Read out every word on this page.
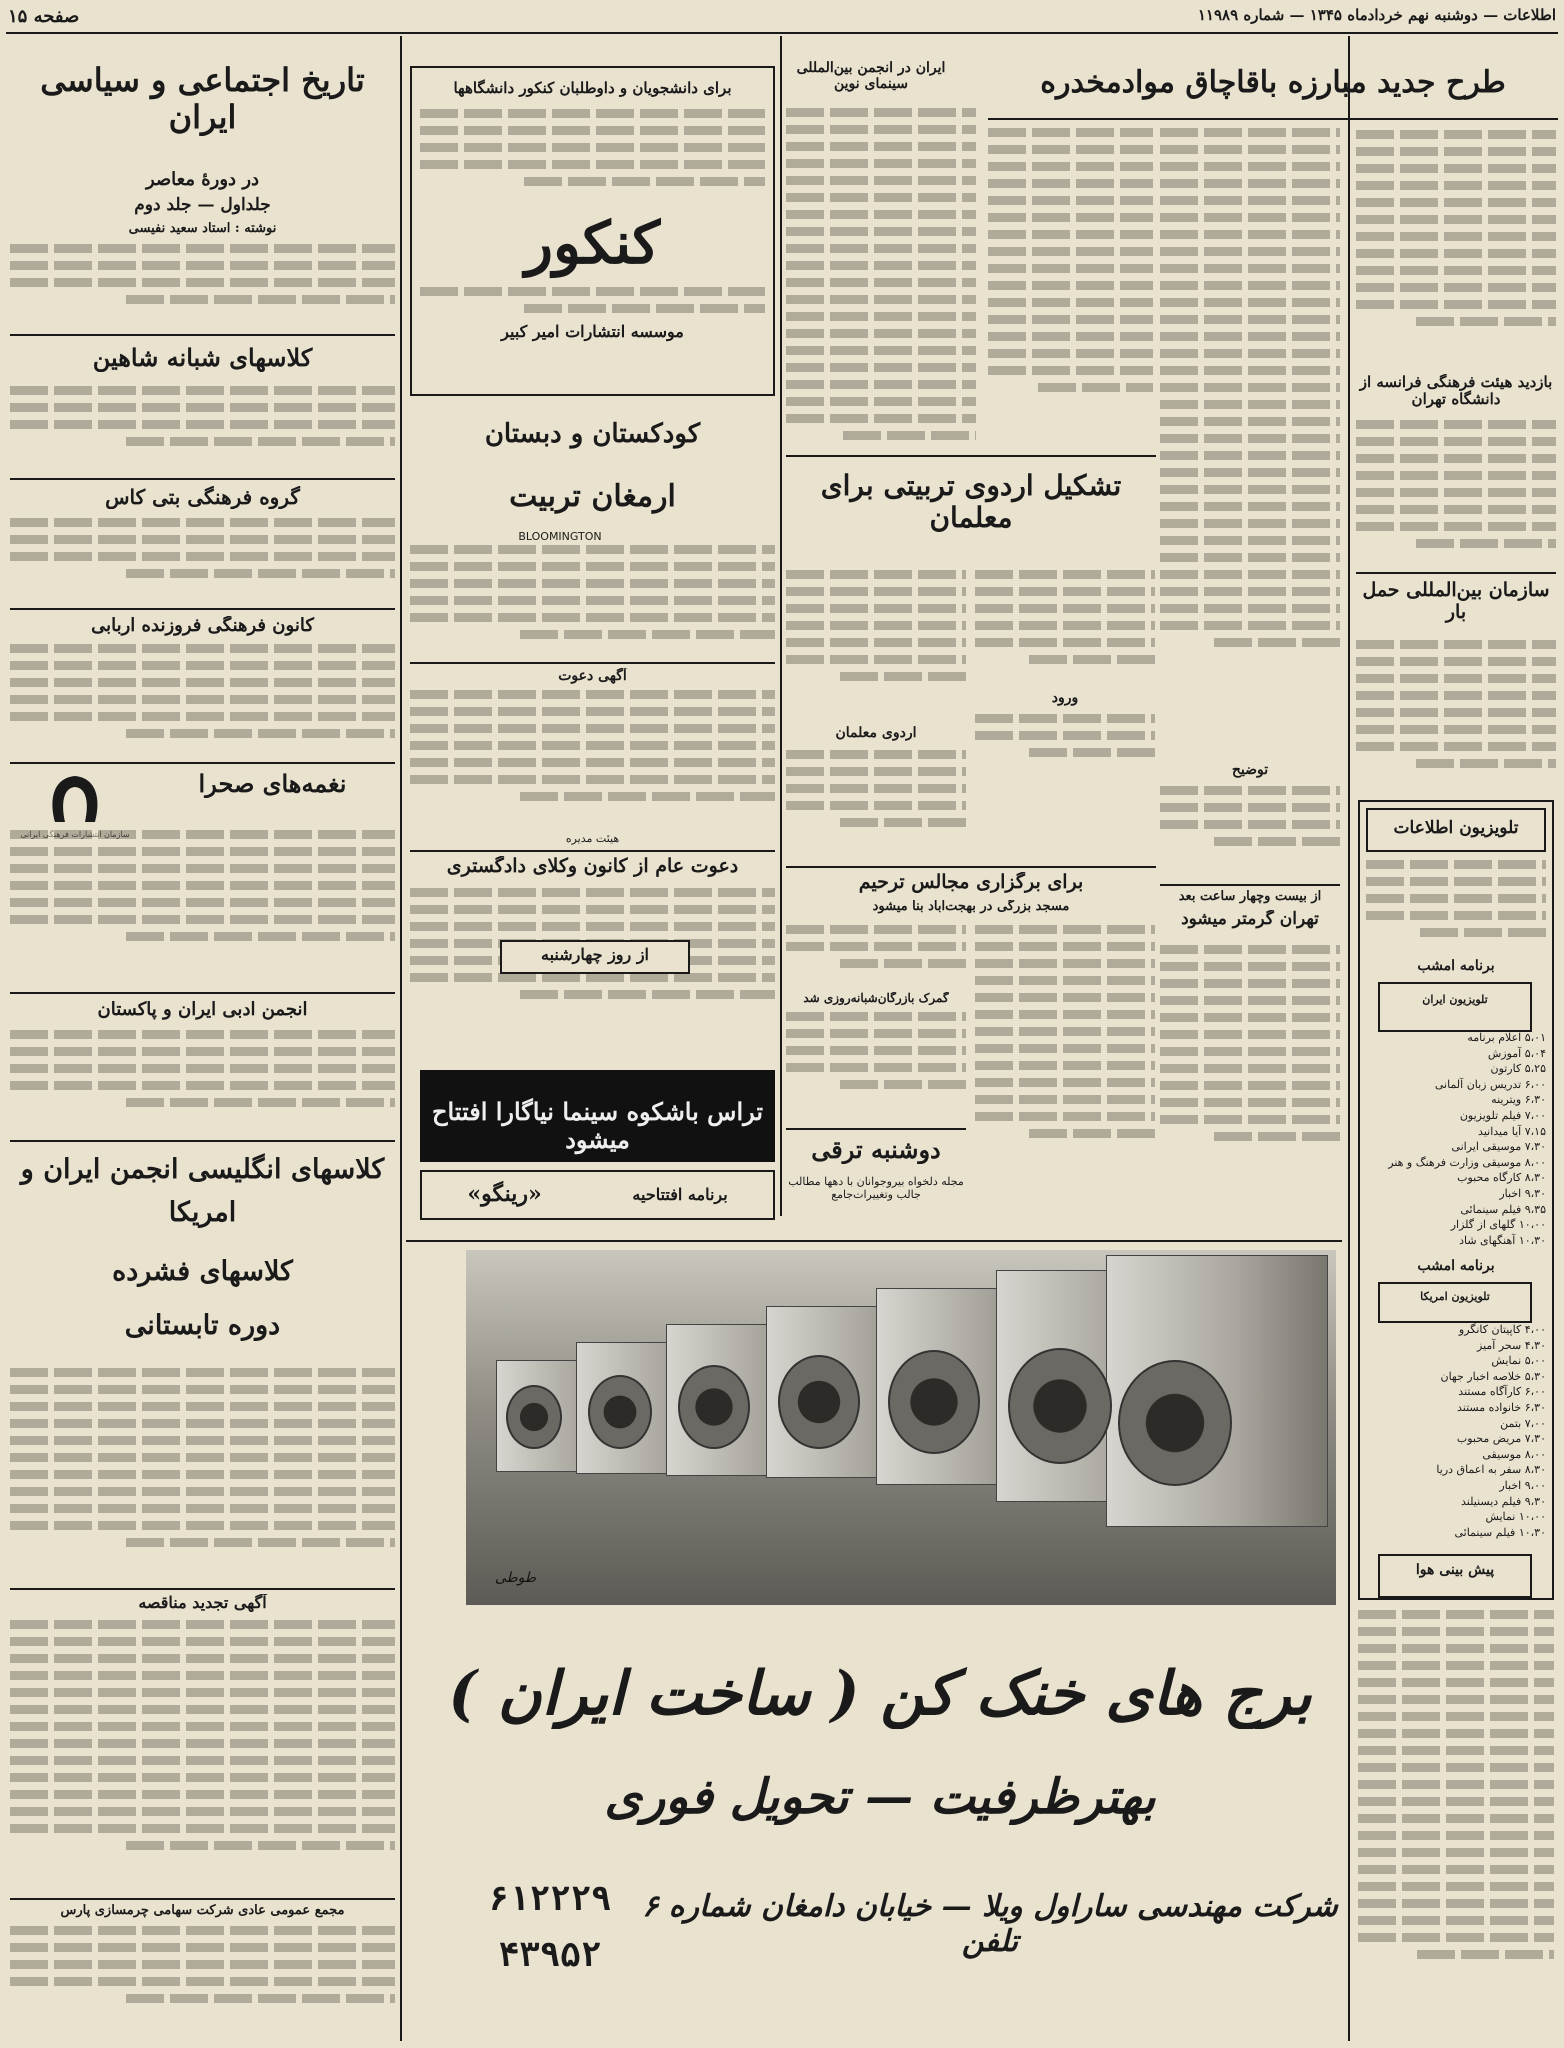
اطلاعات — دوشنبه نهم خردادماه ۱۳۴۵ — شماره ۱۱۹۸۹
صفحه ۱۵
طرح جدید مبارزه باقاچاق موادمخدره
بازدید هیئت فرهنگی فرانسه از دانشگاه تهران
سازمان بین‌المللی حمل بار
ایران در انجمن بین‌المللی سینمای نوین
تشکیل اردوی تربیتی برای معلمان
اردوی معلمان
ورود
توضیح
از بیست وچهار ساعت بعد
تهران گرمتر میشود
برای برگزاری مجالس ترحیم
مسجد بزرگی در بهجت‌آباد بنا میشود
گمرک بازرگان‌شبانه‌روزی شد
دوشنبه ترقی
مجله دلخواه بیروجوانان با دهها مطالب جالب وتغییرات‌جامع
برای دانشجویان و داوطلبان کنکور دانشگاهها
کنکور
موسسه انتشارات امیر کبیر
کودکستان و دبستان
ارمغان تربیت
BLOOMINGTON
آگهی دعوت
هیئت مدیره
دعوت عام از کانون وکلای دادگستری
از روز چهارشنبه
تراس باشکوه سینما نیاگارا افتتاح میشود
برنامه افتتاحیه
«رینگو»
تاریخ اجتماعی و سیاسی ایران
در دورهٔ معاصر
جلداول — جلد دوم
نوشته : استاد سعید نفیسی
کلاسهای شبانه شاهین
گروه فرهنگی بتی کاس
کانون فرهنگی فروزنده اربابی
نغمه‌های صحرا
سازمان انتشارات فرهنگی ایرانی
انجمن ادبی ایران و پاکستان
کلاسهای انگلیسی انجمن ایران و امریکا
کلاسهای فشرده
دوره تابستانی
آگهی تجدید مناقصه
مجمع عمومی عادی شرکت سهامی چرمسازی پارس
تلویزیون اطلاعات
برنامه امشب
تلویزیون ایران
۵،۰۱ اعلام برنامه
۵،۰۴ آموزش
۵،۲۵ کارتون
۶،۰۰ تدریس زبان آلمانی
۶،۳۰ ویترینه
۷،۰۰ فیلم تلویزیون
۷،۱۵ آیا میدانید
۷،۳۰ موسیقی ایرانی
۸،۰۰ موسیقی وزارت فرهنگ و هنر
۸،۳۰ کارگاه محبوب
۹،۳۰ اخبار
۹،۳۵ فیلم سینمائی
۱۰،۰۰ گلهای از گلزار
۱۰،۳۰ آهنگهای شاد
برنامه امشب
تلویزیون امریکا
۴،۰۰ کاپیتان کانگرو
۴،۳۰ سحر آمیز
۵،۰۰ نمایش
۵،۳۰ خلاصه اخبار جهان
۶،۰۰ کارآگاه مستند
۶،۳۰ خانواده مستند
۷،۰۰ بتمن
۷،۳۰ مریض محبوب
۸،۰۰ موسیقی
۸،۳۰ سفر به اعماق دریا
۹،۰۰ اخبار
۹،۳۰ فیلم دیسنیلند
۱۰،۰۰ نمایش
۱۰،۳۰ فیلم سینمائی
پیش بینی هوا
طوطی
برج های خنک کن ( ساخت ایران )
بهترظرفیت — تحویل فوری
شرکت مهندسی ساراول ویلا — خیابان دامغان شماره ۶ تلفن
۶۱۲۲۲۹
۴۳۹۵۲
